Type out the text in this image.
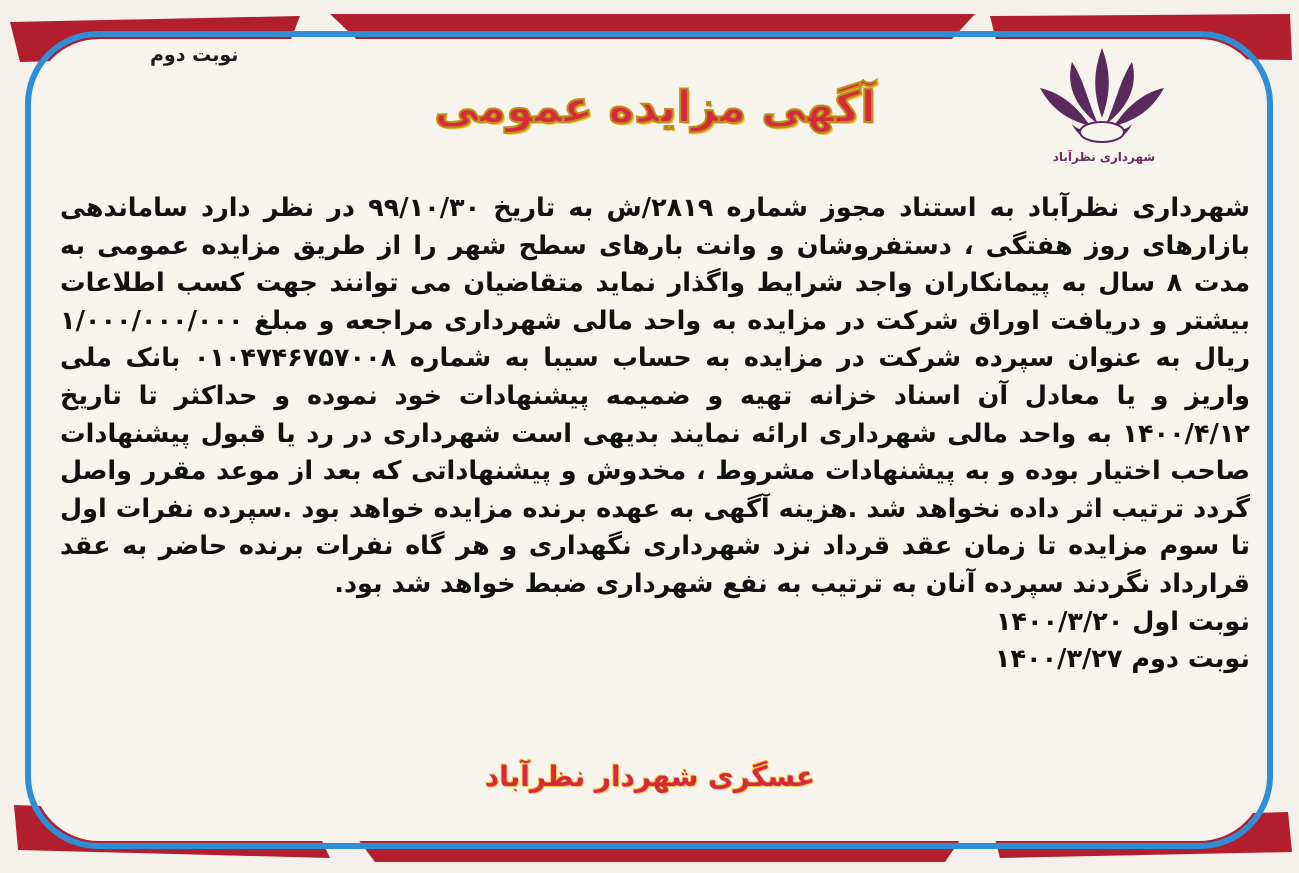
نوبت دوم
شهرداری نظرآباد
آگهی مزایده عمومی
شهرداری نظرآباد به استناد مجوز شماره ۲۸۱۹/ش به تاریخ ۹۹/۱۰/۳۰ در نظر دارد ساماندهی بازارهای روز هفتگی ، دستفروشان و وانت بارهای سطح شهر را از طریق مزایده عمومی به مدت ۸ سال به پیمانکاران واجد شرایط واگذار نماید متقاضیان می توانند جهت کسب اطلاعات بیشتر و دریافت اوراق شرکت در مزایده به واحد مالی شهرداری مراجعه و مبلغ ۱/۰۰۰/۰۰۰/۰۰۰ ریال به عنوان سپرده شرکت در مزایده به حساب سیبا به شماره ۰۱۰۴۷۴۶۷۵۷۰۰۸ بانک ملی واریز و یا معادل آن اسناد خزانه تهیه و ضمیمه پیشنهادات خود نموده و حداکثر تا تاریخ ۱۴۰۰/۴/۱۲ به واحد مالی شهرداری ارائه نمایند بدیهی است شهرداری در رد یا قبول پیشنهادات صاحب اختیار بوده و به پیشنهادات مشروط ، مخدوش و پیشنهاداتی که بعد از موعد مقرر واصل گردد ترتیب اثر داده نخواهد شد .هزینه آگهی به عهده برنده مزایده خواهد بود .سپرده نفرات اول تا سوم مزایده تا زمان عقد قرداد نزد شهرداری نگهداری و هر گاه نفرات برنده حاضر به عقد قرارداد نگردند سپرده آنان به ترتیب به نفع شهرداری ضبط خواهد شد بود.
نوبت اول ۱۴۰۰/۳/۲۰
نوبت دوم ۱۴۰۰/۳/۲۷
عسگری شهردار نظرآباد
